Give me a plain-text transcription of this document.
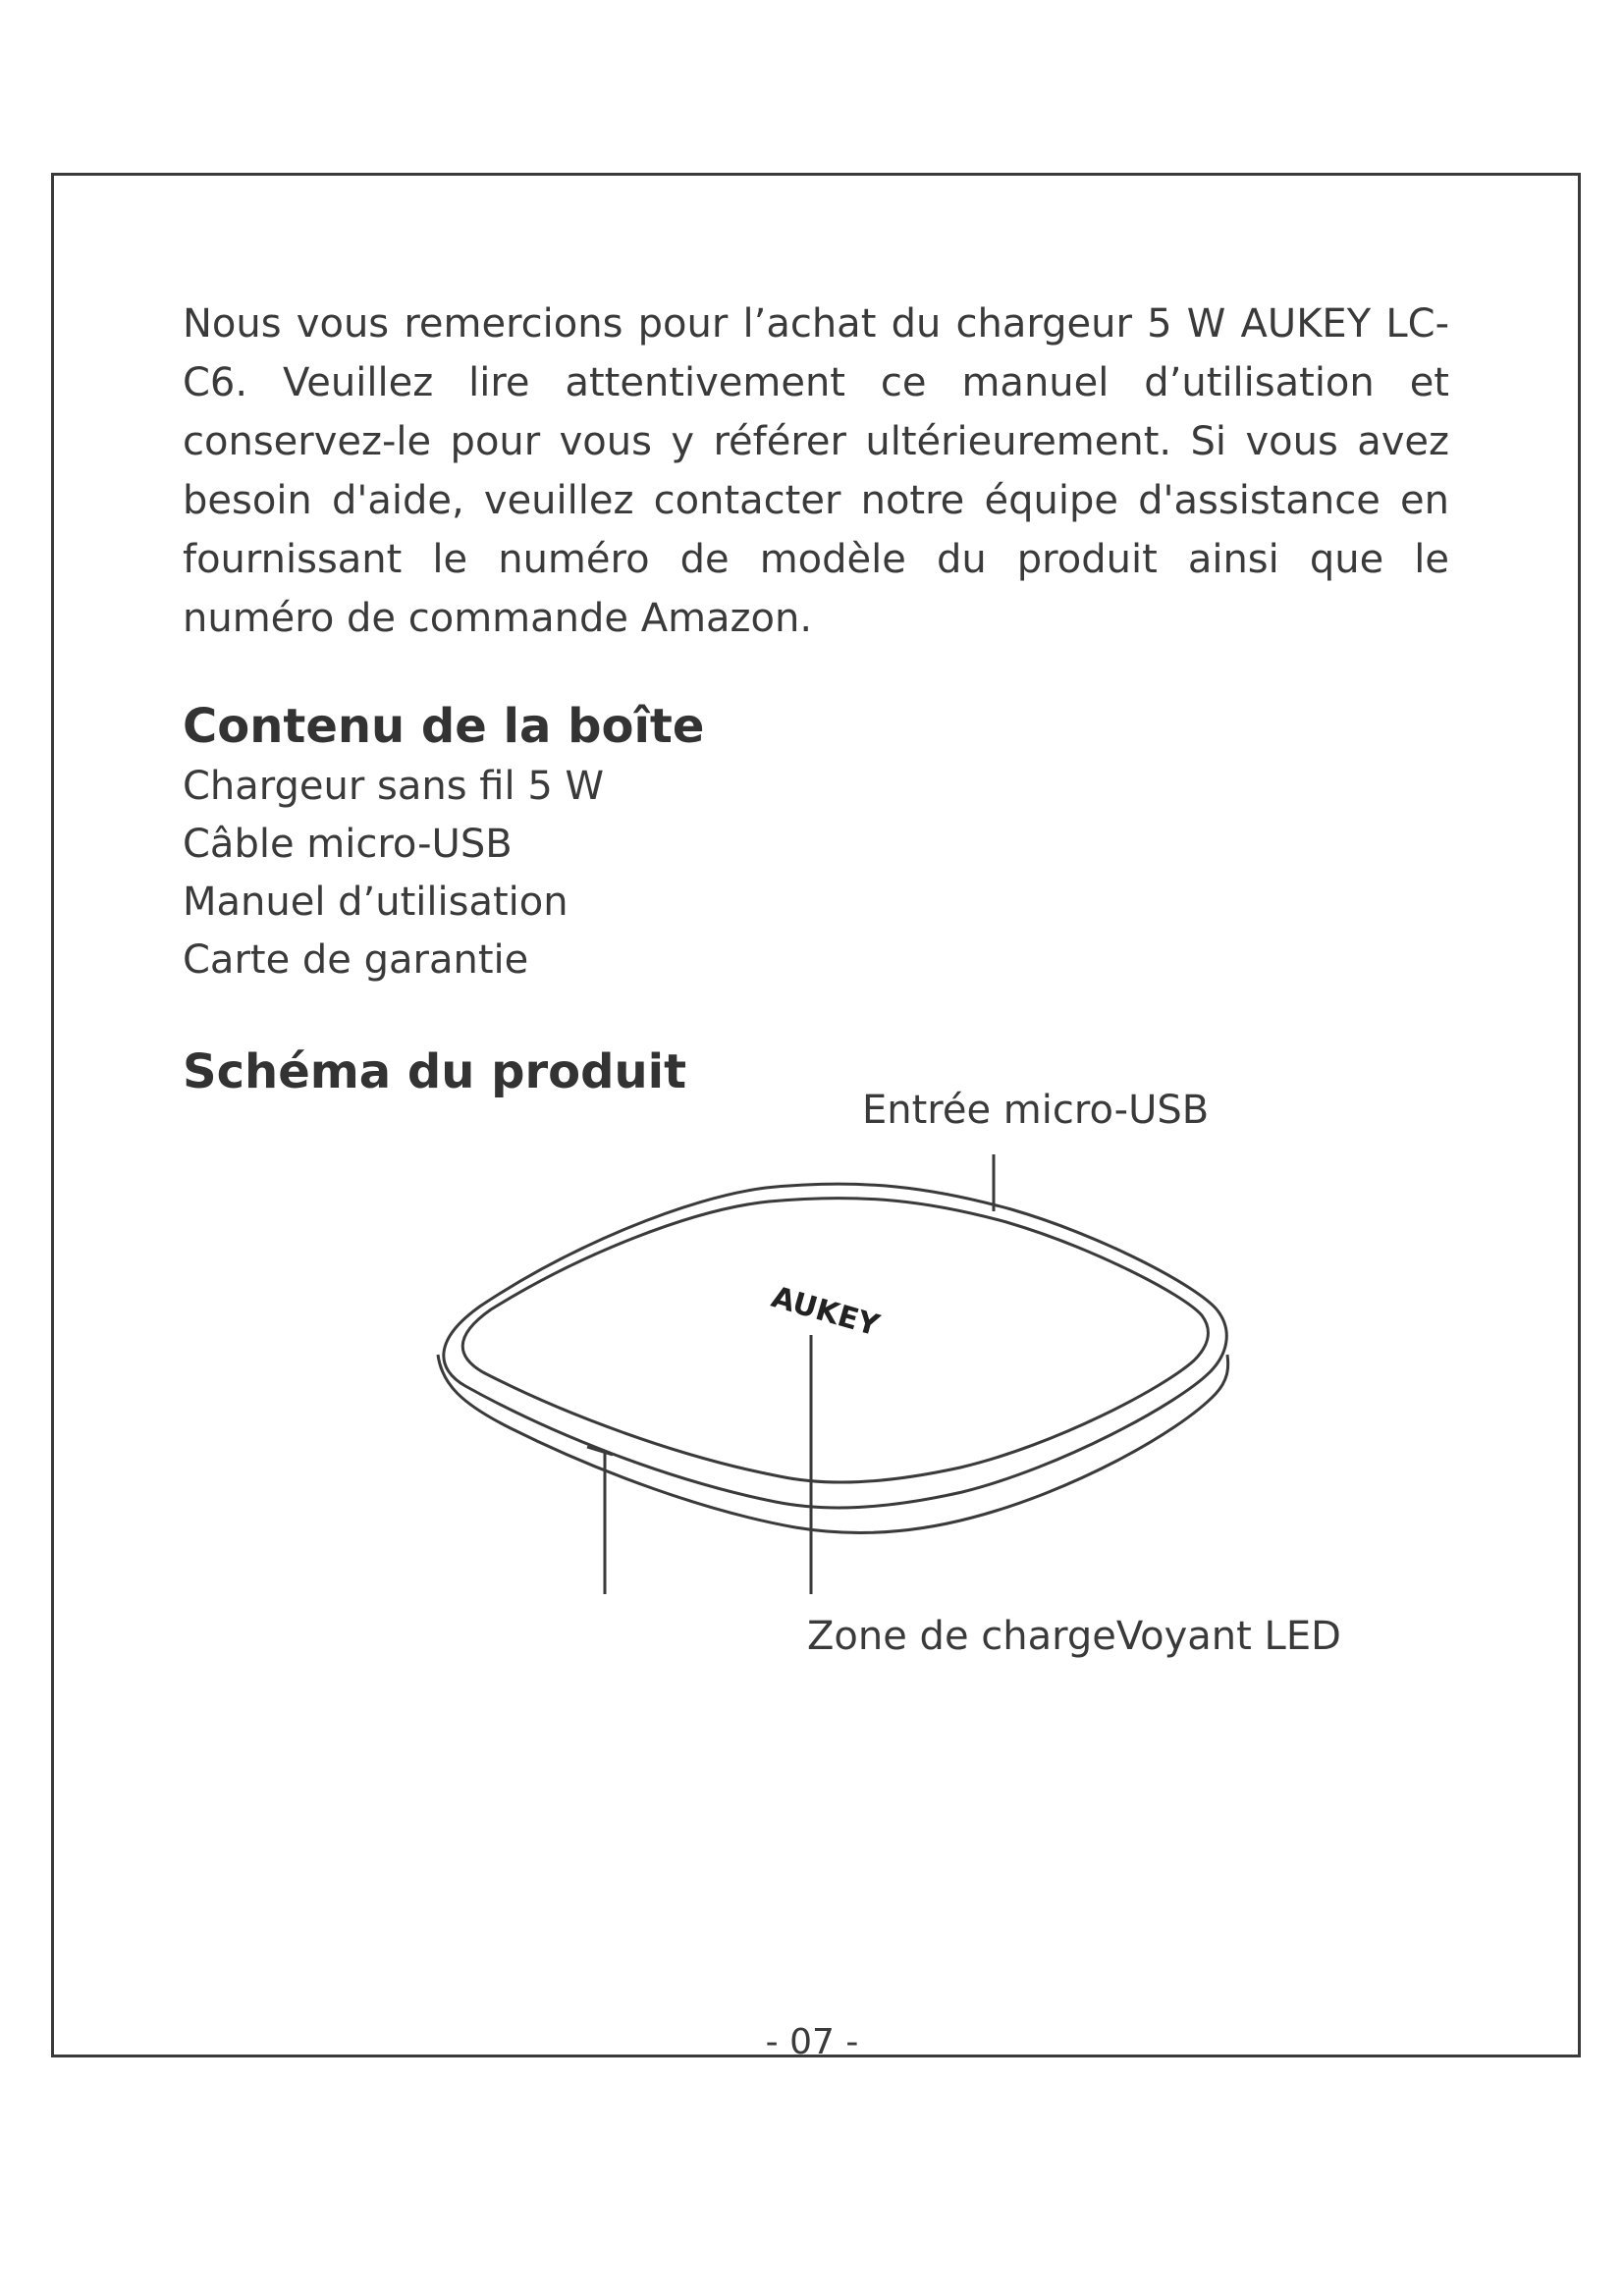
Nous vous remercions pour l’achat du chargeur 5 W AUKEY LC-C6. Veuillez lire attentivement ce manuel d’utilisation et conservez-le pour vous y référer ultérieurement. Si vous avez besoin d'aide, veuillez contacter notre équipe d'assistance en fournissant le numéro de modèle du produit ainsi que le numéro de commande Amazon.

Contenu de la boîte
Chargeur sans fil 5 W
Câble micro-USB
Manuel d’utilisation
Carte de garantie
Schéma du produit
AUKEY
Entrée micro-USB
Zone de chargeVoyant LED
- 07 -
